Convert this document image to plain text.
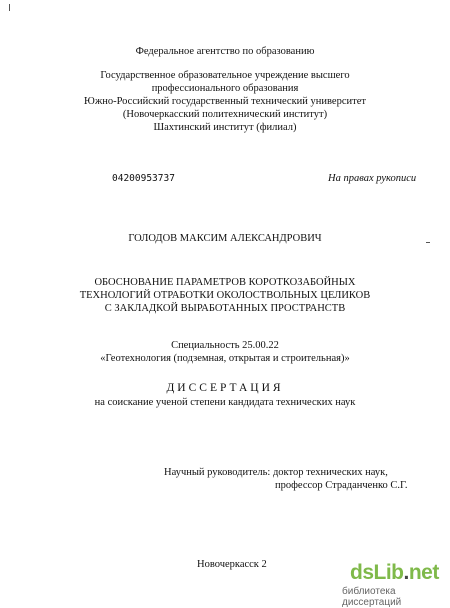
Федеральное агентство по образованию
Государственное образовательное учреждение высшего
профессионального образования
Южно-Российский государственный технический университет
(Новочеркасский политехнический институт)
Шахтинский институт (филиал)
04200953737	На правах рукописи
ГОЛОДОВ МАКСИМ АЛЕКСАНДРОВИЧ
ОБОСНОВАНИЕ ПАРАМЕТРОВ КОРОТКОЗАБОЙНЫХ
ТЕХНОЛОГИЙ ОТРАБОТКИ ОКОЛОСТВОЛЬНЫХ ЦЕЛИКОВ
С ЗАКЛАДКОЙ ВЫРАБОТАННЫХ ПРОСТРАНСТВ
Специальность 25.00.22
«Геотехнология (подземная, открытая и строительная)»
ДИССЕРТАЦИЯ
на соискание ученой степени кандидата технических наук
Научный руководитель: доктор технических наук,
профессор Страданченко С.Г.
Новочеркасск 2	dsLib.net
библиотека диссертаций
